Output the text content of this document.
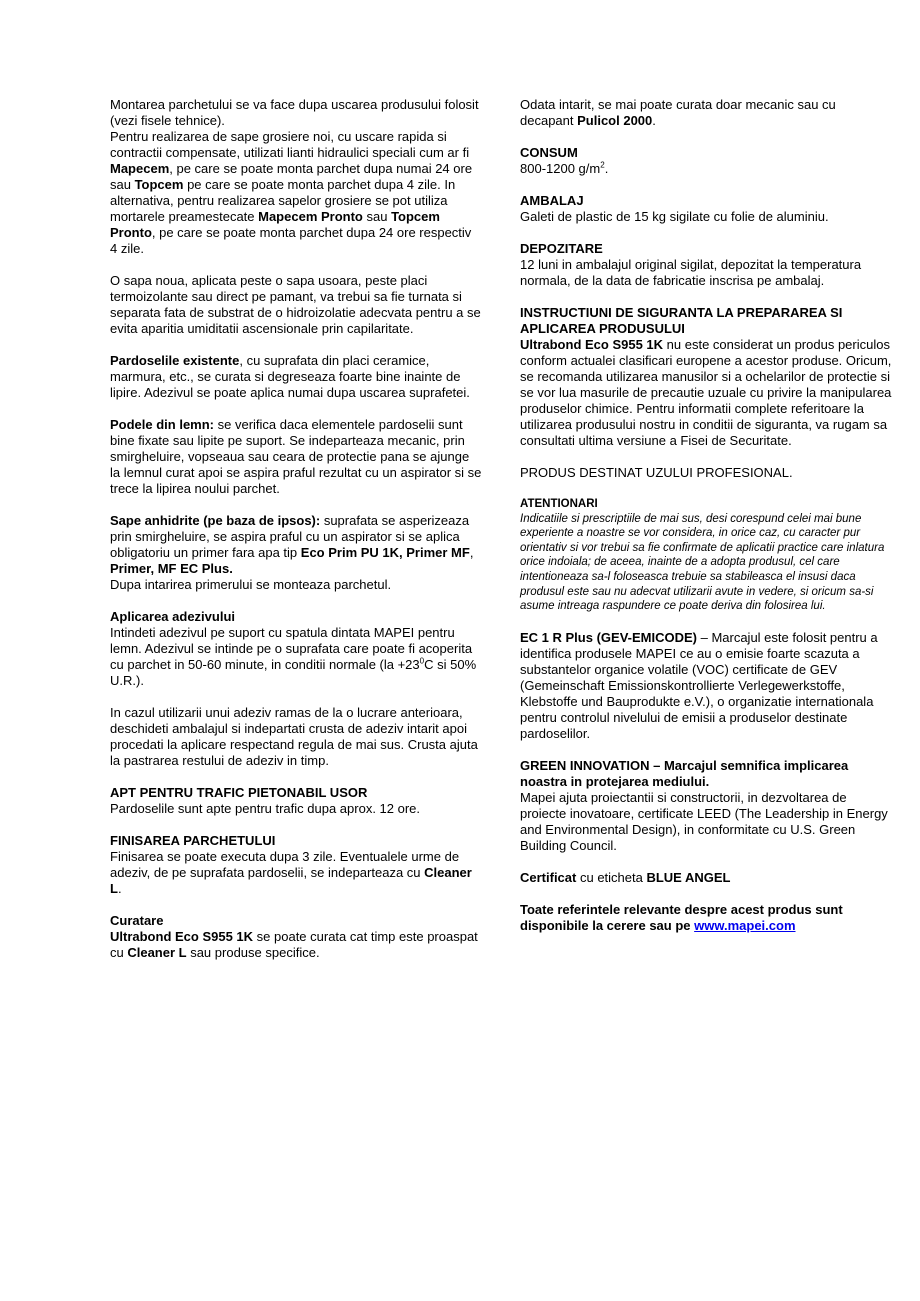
Montarea parchetului se va face dupa uscarea produsului folosit (vezi fisele tehnice).
Pentru realizarea de sape grosiere noi, cu uscare rapida si contractii compensate, utilizati lianti hidraulici speciali cum ar fi Mapecem, pe care se poate monta parchet dupa numai 24 ore sau Topcem pe care se poate monta parchet dupa 4 zile. In alternativa, pentru realizarea sapelor grosiere se pot utiliza mortarele preamestecate Mapecem Pronto sau Topcem Pronto, pe care se poate monta parchet dupa 24 ore respectiv 4 zile.

O sapa noua, aplicata peste o sapa usoara, peste placi termoizolante sau direct pe pamant, va trebui sa fie turnata si separata fata de substrat de o hidroizolatie adecvata pentru a se evita aparitia umiditatii ascensionale prin capilaritate.

Pardoselile existente, cu suprafata din placi ceramice, marmura, etc., se curata si degreseaza foarte bine inainte de lipire. Adezivul se poate aplica numai dupa uscarea suprafetei.

Podele din lemn: se verifica daca elementele pardoselii sunt bine fixate sau lipite pe suport. Se indeparteaza mecanic, prin smirgheluire, vopseaua sau ceara de protectie pana se ajunge la lemnul curat apoi se aspira praful rezultat cu un aspirator si se trece la lipirea noului parchet.

Sape anhidrite (pe baza de ipsos): suprafata se asperizeaza prin smirgheluire, se aspira praful cu un aspirator si se aplica obligatoriu un primer fara apa tip Eco Prim PU 1K, Primer MF, Primer, MF EC Plus.
Dupa intarirea primerului se monteaza parchetul.

Aplicarea adezivului
Intindeti adezivul pe suport cu spatula dintata MAPEI pentru lemn. Adezivul se intinde pe o suprafata care poate fi acoperita cu parchet in 50-60 minute, in conditii normale ($la +23^0C$ si 50% U.R.).

In cazul utilizarii unui adeziv ramas de la o lucrare anterioara, deschideti ambalajul si indepartati crusta de adeziv intarit apoi procedati la aplicare respectand regula de mai sus. Crusta ajuta la pastrarea restului de adeziv in timp.

APT PENTRU TRAFIC PIETONABIL USOR
Pardoselile sunt apte pentru trafic dupa aprox. 12 ore.

FINISAREA PARCHETULUI
Finisarea se poate executa dupa 3 zile. Eventualele urme de adeziv, de pe suprafata pardoselii, se indeparteaza cu Cleaner L.

Curatare
Ultrabond Eco S955 1K se poate curata cat timp este proaspat cu Cleaner L sau produse specifice.

Odata intarit, se mai poate curata doar mecanic sau cu decapant Pulicol 2000.

CONSUM
800-1200 $g/m^2$.

AMBALAJ
Galeti de plastic de 15 kg sigilate cu folie de aluminiu.

DEPOZITARE
12 luni in ambalajul original sigilat, depozitat la temperatura normala, de la data de fabricatie inscrisa pe ambalaj.

INSTRUCTIUNI DE SIGURANTA LA PREPARAREA SI APLICAREA PRODUSULUI
Ultrabond Eco S955 1K nu este considerat un produs periculos conform actualei clasificari europene a acestor produse. Oricum, se recomanda utilizarea manusilor si a ochelarilor de protectie si se vor lua masurile de precautie uzuale cu privire la manipularea produselor chimice. Pentru informatii complete referitoare la utilizarea produsului nostru in conditii de siguranta, va rugam sa consultati ultima versiune a Fisei de Securitate.

PRODUS DESTINAT UZULUI PROFESIONAL.

ATENTIONARI
Indicatiile si prescriptiile de mai sus, desi corespund celei mai bune experiente a noastre se vor considera, in orice caz, cu caracter pur orientativ si vor trebui sa fie confirmate de aplicatii practice care inlatura orice indoiala; de aceea, inainte de a adopta produsul, cel care intentioneaza sa-l foloseasca trebuie sa stabileasca el insusi daca produsul este sau nu adecvat utilizarii avute in vedere, si oricum sa-si asume intreaga raspundere ce poate deriva din folosirea lui.

EC 1 R Plus (GEV-EMICODE) – Marcajul este folosit pentru a identifica produsele MAPEI ce au o emisie foarte scazuta a substantelor organice volatile (VOC) certificate de GEV (Gemeinschaft Emissionskontrollierte Verlegewerkstoffe, Klebstoffe und Bauprodukte e.V.), o organizatie internationala pentru controlul nivelului de emisii a produselor destinate pardoselilor.

GREEN INNOVATION – Marcajul semnifica implicarea noastra in protejarea mediului.
Mapei ajuta proiectantii si constructorii, in dezvoltarea de proiecte inovatoare, certificate LEED (The Leadership in Energy and Environmental Design), in conformitate cu U.S. Green Building Council.

Certificat cu eticheta BLUE ANGEL

Toate referintele relevante despre acest produs sunt disponibile la cerere sau pe www.mapei.com
